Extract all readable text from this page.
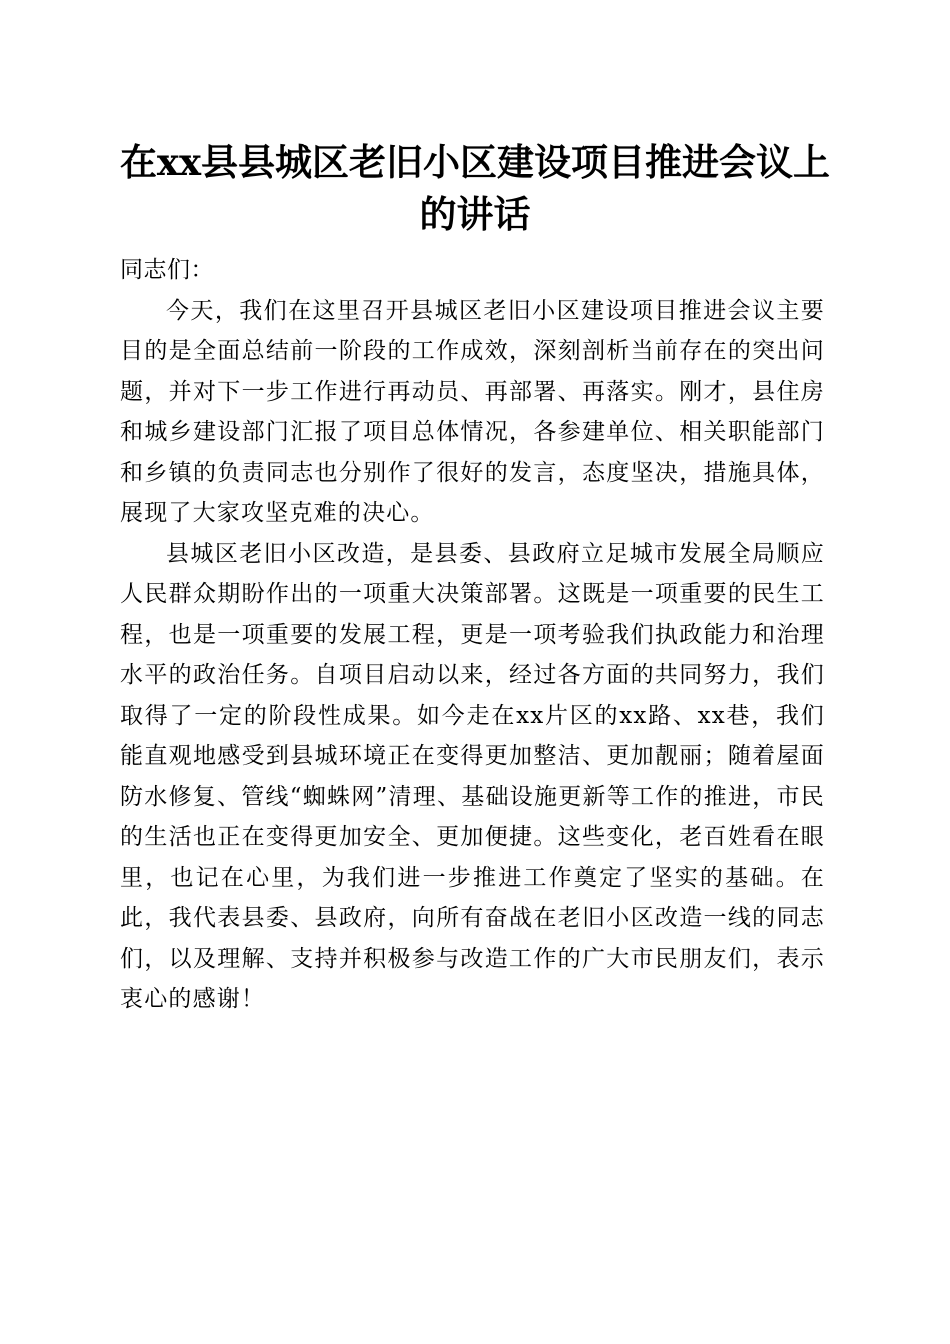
在xx县县城区老旧小区建设项目推进会议上的讲话

同志们：

今天，我们在这里召开县城区老旧小区建设项目推进会议主要目的是全面总结前一阶段的工作成效，深刻剖析当前存在的突出问题，并对下一步工作进行再动员、再部署、再落实。刚才，县住房和城乡建设部门汇报了项目总体情况，各参建单位、相关职能部门和乡镇的负责同志也分别作了很好的发言，态度坚决，措施具体，展现了大家攻坚克难的决心。

县城区老旧小区改造，是县委、县政府立足城市发展全局顺应人民群众期盼作出的一项重大决策部署。这既是一项重要的民生工程，也是一项重要的发展工程，更是一项考验我们执政能力和治理水平的政治任务。自项目启动以来，经过各方面的共同努力，我们取得了一定的阶段性成果。如今走在xx片区的xx路、xx巷，我们能直观地感受到县城环境正在变得更加整洁、更加靓丽；随着屋面防水修复、管线“蜘蛛网”清理、基础设施更新等工作的推进，市民的生活也正在变得更加安全、更加便捷。这些变化，老百姓看在眼里，也记在心里，为我们进一步推进工作奠定了坚实的基础。在此，我代表县委、县政府，向所有奋战在老旧小区改造一线的同志们，以及理解、支持并积极参与改造工作的广大市民朋友们，表示衷心的感谢！
